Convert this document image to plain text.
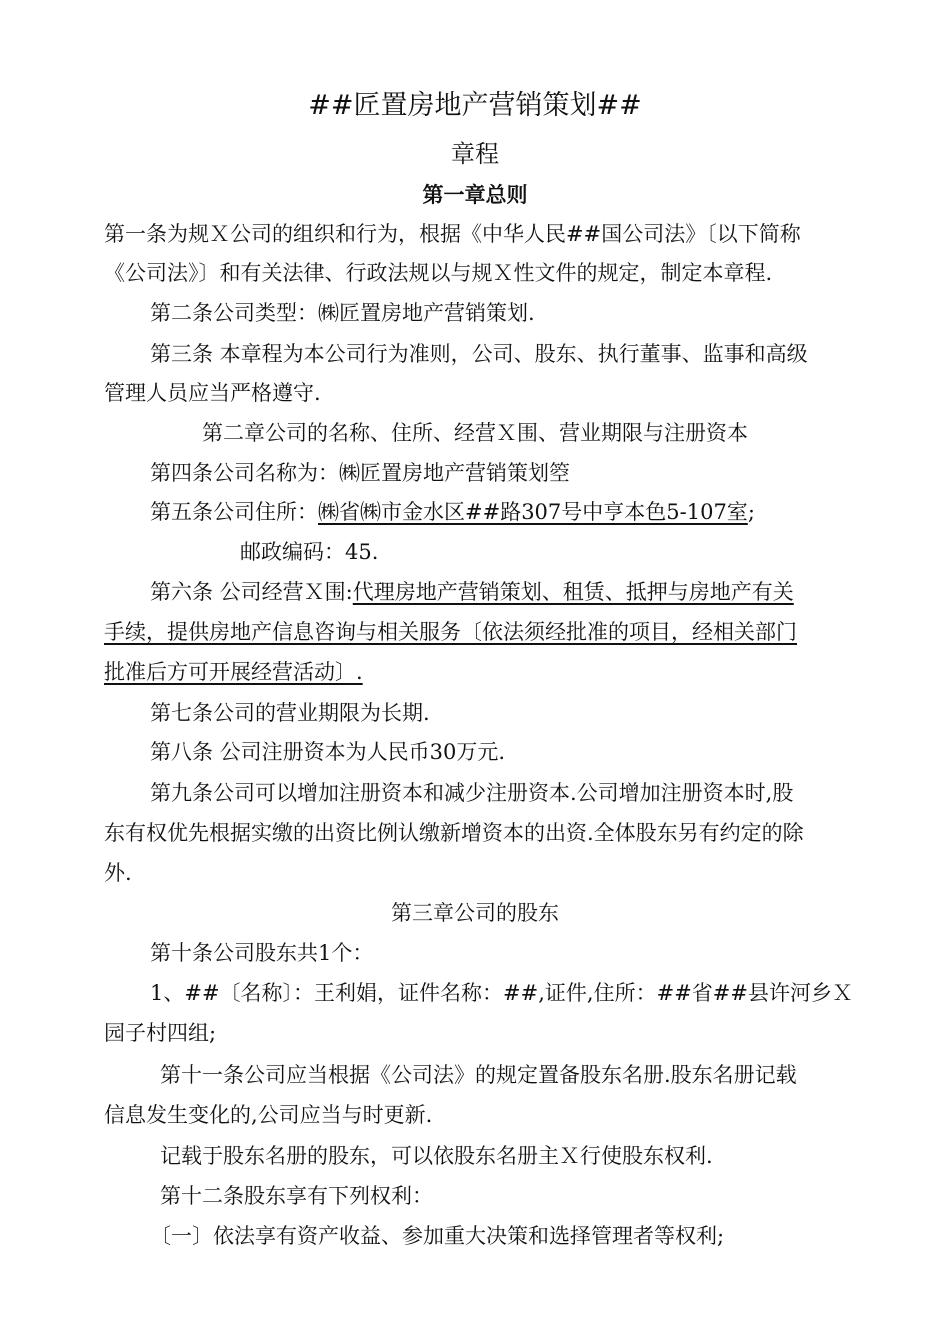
##匠置房地产营销策划##
章程
第一章总则
第一条为规Ｘ公司的组织和行为，根据《中华人民##国公司法》〔以下简称
《公司法》〕和有关法律、行政法规以与规Ｘ性文件的规定，制定本章程.
第二条公司类型：㈱匠置房地产营销策划.
第三条 本章程为本公司行为准则，公司、股东、执行董事、监事和高级
管理人员应当严格遵守.
第二章公司的名称、住所、经营Ｘ围、营业期限与注册资本
第四条公司名称为：㈱匠置房地产营销策划箜
第五条公司住所：㈱省㈱市金水区##路307号中亨本色5-107室;
邮政编码：45.
第六条 公司经营Ｘ围:代理房地产营销策划、租赁、抵押与房地产有关
手续，提供房地产信息咨询与相关服务〔依法须经批准的项目，经相关部门
批准后方可开展经营活动〕.
第七条公司的营业期限为长期.
第八条 公司注册资本为人民币30万元.
第九条公司可以增加注册资本和减少注册资本.公司增加注册资本时,股
东有权优先根据实缴的出资比例认缴新增资本的出资.全体股东另有约定的除
外.
第三章公司的股东
第十条公司股东共1个：
1、##〔名称〕：王利娟，证件名称：##,证件,住所：##省##县许河乡Ｘ
园子村四组;
第十一条公司应当根据《公司法》的规定置备股东名册.股东名册记载
信息发生变化的,公司应当与时更新.
记载于股东名册的股东，可以依股东名册主Ｘ行使股东权利.
第十二条股东享有下列权利：
〔一〕依法享有资产收益、参加重大决策和选择管理者等权利;
